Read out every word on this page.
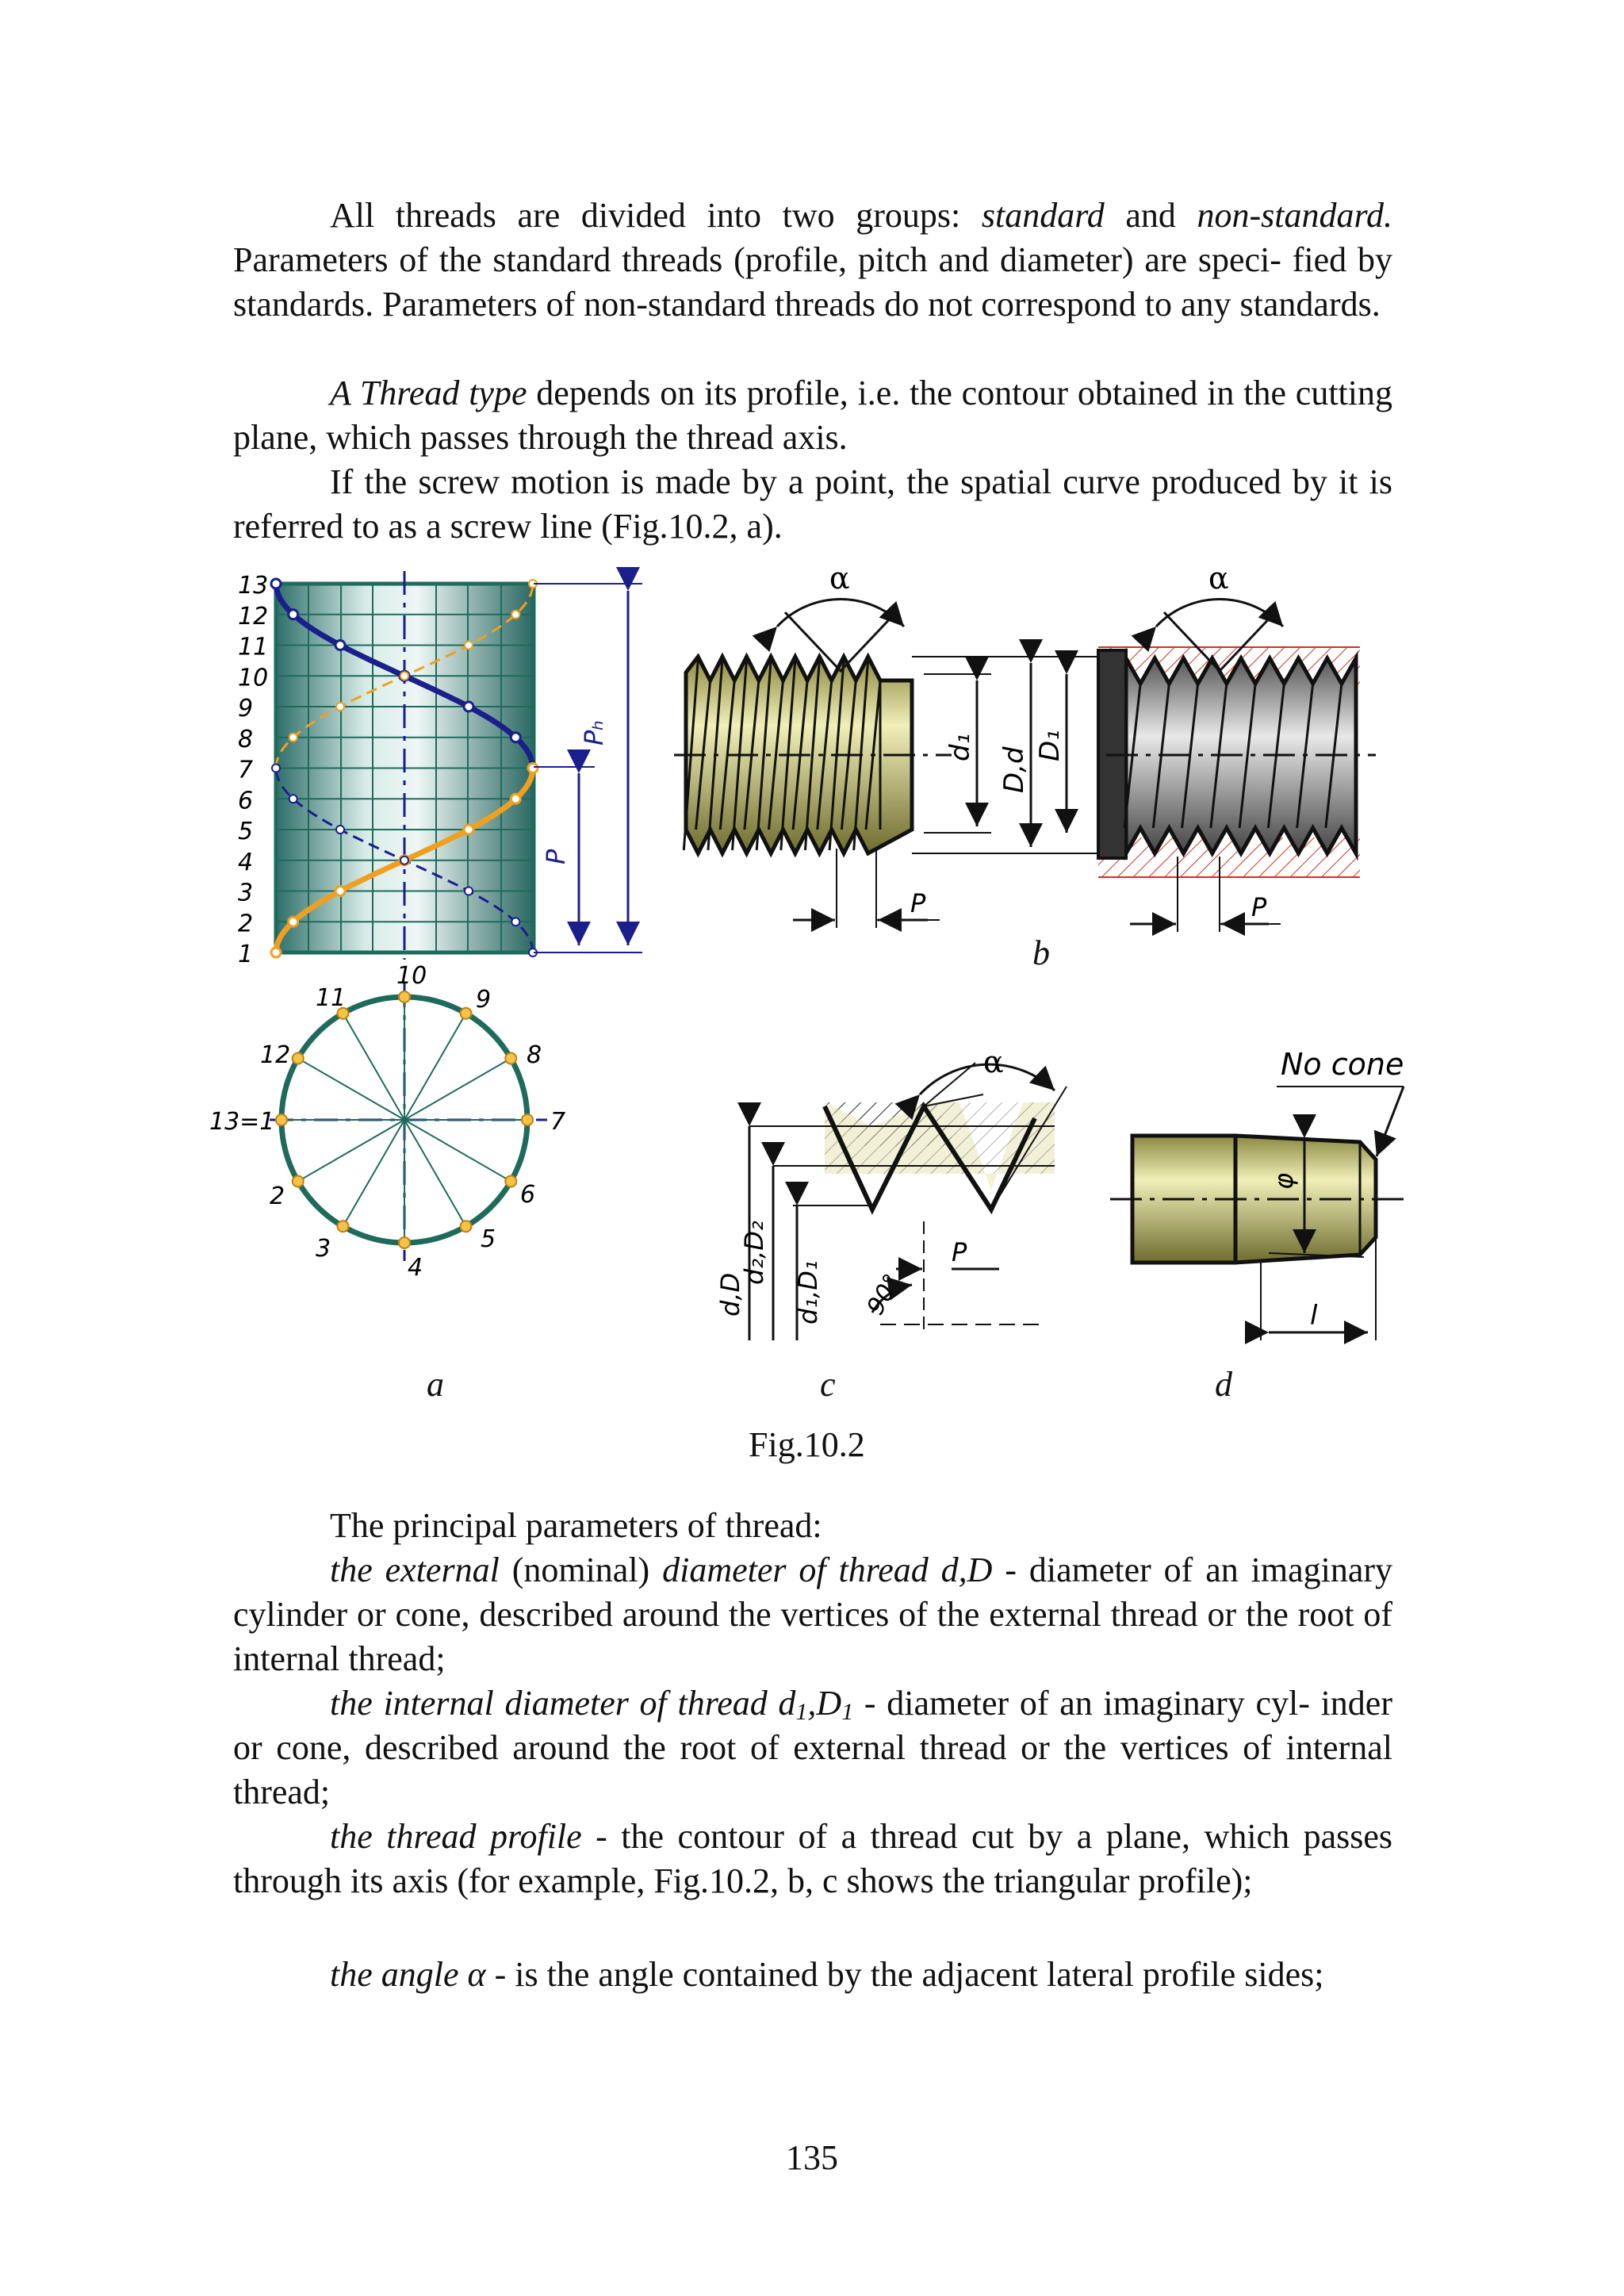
All threads are divided into two groups: standard and non-standard. Parameters of the standard threads (profile, pitch and diameter) are speci- fied by standards. Parameters of non-standard threads do not correspond to any standards.

A Thread type depends on its profile, i.e. the contour obtained in the cutting plane, which passes through the thread axis.

If the screw motion is made by a point, the spatial curve produced by it is referred to as a screw line (Fig.10.2, a).

1
2
3
4
5
6
7
8
9
10
11
12
13
Pₕ
P
10
11	9
12	8
13=1	7
2	6
3	5
4
α
d₁ D,d
D₁
P
α
P
α
d,D
d₂,D₂
d₁,D₁
P
90°
φ
l
No cone
a
b
c	d
Fig.10.2

The principal parameters of thread:

the external (nominal) diameter of thread d,D - diameter of an imaginary cylinder or cone, described around the vertices of the external thread or the root of internal thread;

the internal diameter of thread $d_1,D_1$ - diameter of an imaginary cyl- inder or cone, described around the root of external thread or the vertices of internal thread;

the thread profile - the contour of a thread cut by a plane, which passes through its axis (for example, Fig.10.2, b, c shows the triangular profile);

the angle α - is the angle contained by the adjacent lateral profile sides;

135
